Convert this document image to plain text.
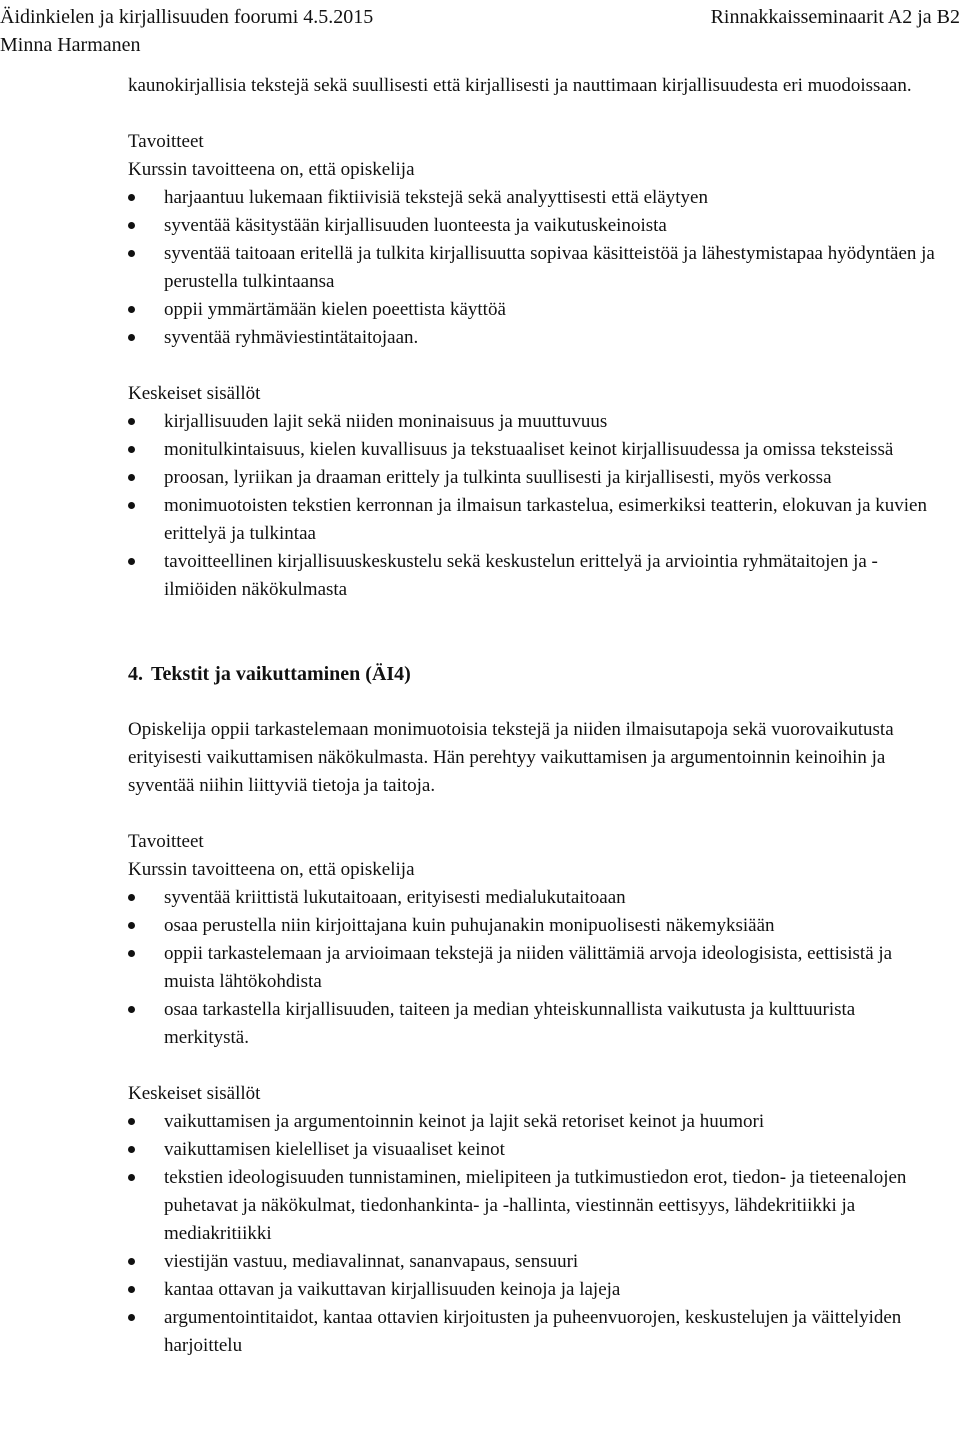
Äidinkielen ja kirjallisuuden foorumi 4.5.2015	Rinnakkaisseminaarit A2 ja B2
Minna Harmanen

kaunokirjallisia tekstejä sekä suullisesti että kirjallisesti ja nauttimaan kirjallisuudesta eri muodoissaan.

Tavoitteet

Kurssin tavoitteena on, että opiskelija

harjaantuu lukemaan fiktiivisiä tekstejä sekä analyyttisesti että eläytyen
syventää käsitystään kirjallisuuden luonteesta ja vaikutuskeinoista
syventää taitoaan eritellä ja tulkita kirjallisuutta sopivaa käsitteistöä ja lähestymistapaa hyödyntäen ja perustella tulkintaansa
oppii ymmärtämään kielen poeettista käyttöä
syventää ryhmäviestintätaitojaan.

Keskeiset sisällöt

kirjallisuuden lajit sekä niiden moninaisuus ja muuttuvuus
monitulkintaisuus, kielen kuvallisuus ja tekstuaaliset keinot kirjallisuudessa ja omissa teksteissä
proosan, lyriikan ja draaman erittely ja tulkinta suullisesti ja kirjallisesti, myös verkossa
monimuotoisten tekstien kerronnan ja ilmaisun tarkastelua, esimerkiksi teatterin, elokuvan ja kuvien erittelyä ja tulkintaa
tavoitteellinen kirjallisuuskeskustelu sekä keskustelun erittelyä ja arviointia ryhmätaitojen ja -ilmiöiden näkökulmasta

4. Tekstit ja vaikuttaminen (ÄI4)

Opiskelija oppii tarkastelemaan monimuotoisia tekstejä ja niiden ilmaisutapoja sekä vuorovaikutusta erityisesti vaikuttamisen näkökulmasta. Hän perehtyy vaikuttamisen ja argumentoinnin keinoihin ja syventää niihin liittyviä tietoja ja taitoja.

Tavoitteet

Kurssin tavoitteena on, että opiskelija

syventää kriittistä lukutaitoaan, erityisesti medialukutaitoaan
osaa perustella niin kirjoittajana kuin puhujanakin monipuolisesti näkemyksiään
oppii tarkastelemaan ja arvioimaan tekstejä ja niiden välittämiä arvoja ideologisista, eettisistä ja muista lähtökohdista
osaa tarkastella kirjallisuuden, taiteen ja median yhteiskunnallista vaikutusta ja kulttuurista merkitystä.

Keskeiset sisällöt

vaikuttamisen ja argumentoinnin keinot ja lajit sekä retoriset keinot ja huumori
vaikuttamisen kielelliset ja visuaaliset keinot
tekstien ideologisuuden tunnistaminen, mielipiteen ja tutkimustiedon erot, tiedon- ja tieteenalojen puhetavat ja näkökulmat, tiedonhankinta- ja -hallinta, viestinnän eettisyys, lähdekritiikki ja mediakritiikki
viestijän vastuu, mediavalinnat, sananvapaus, sensuuri
kantaa ottavan ja vaikuttavan kirjallisuuden keinoja ja lajeja
argumentointitaidot, kantaa ottavien kirjoitusten ja puheenvuorojen, keskustelujen ja väittelyiden harjoittelu
